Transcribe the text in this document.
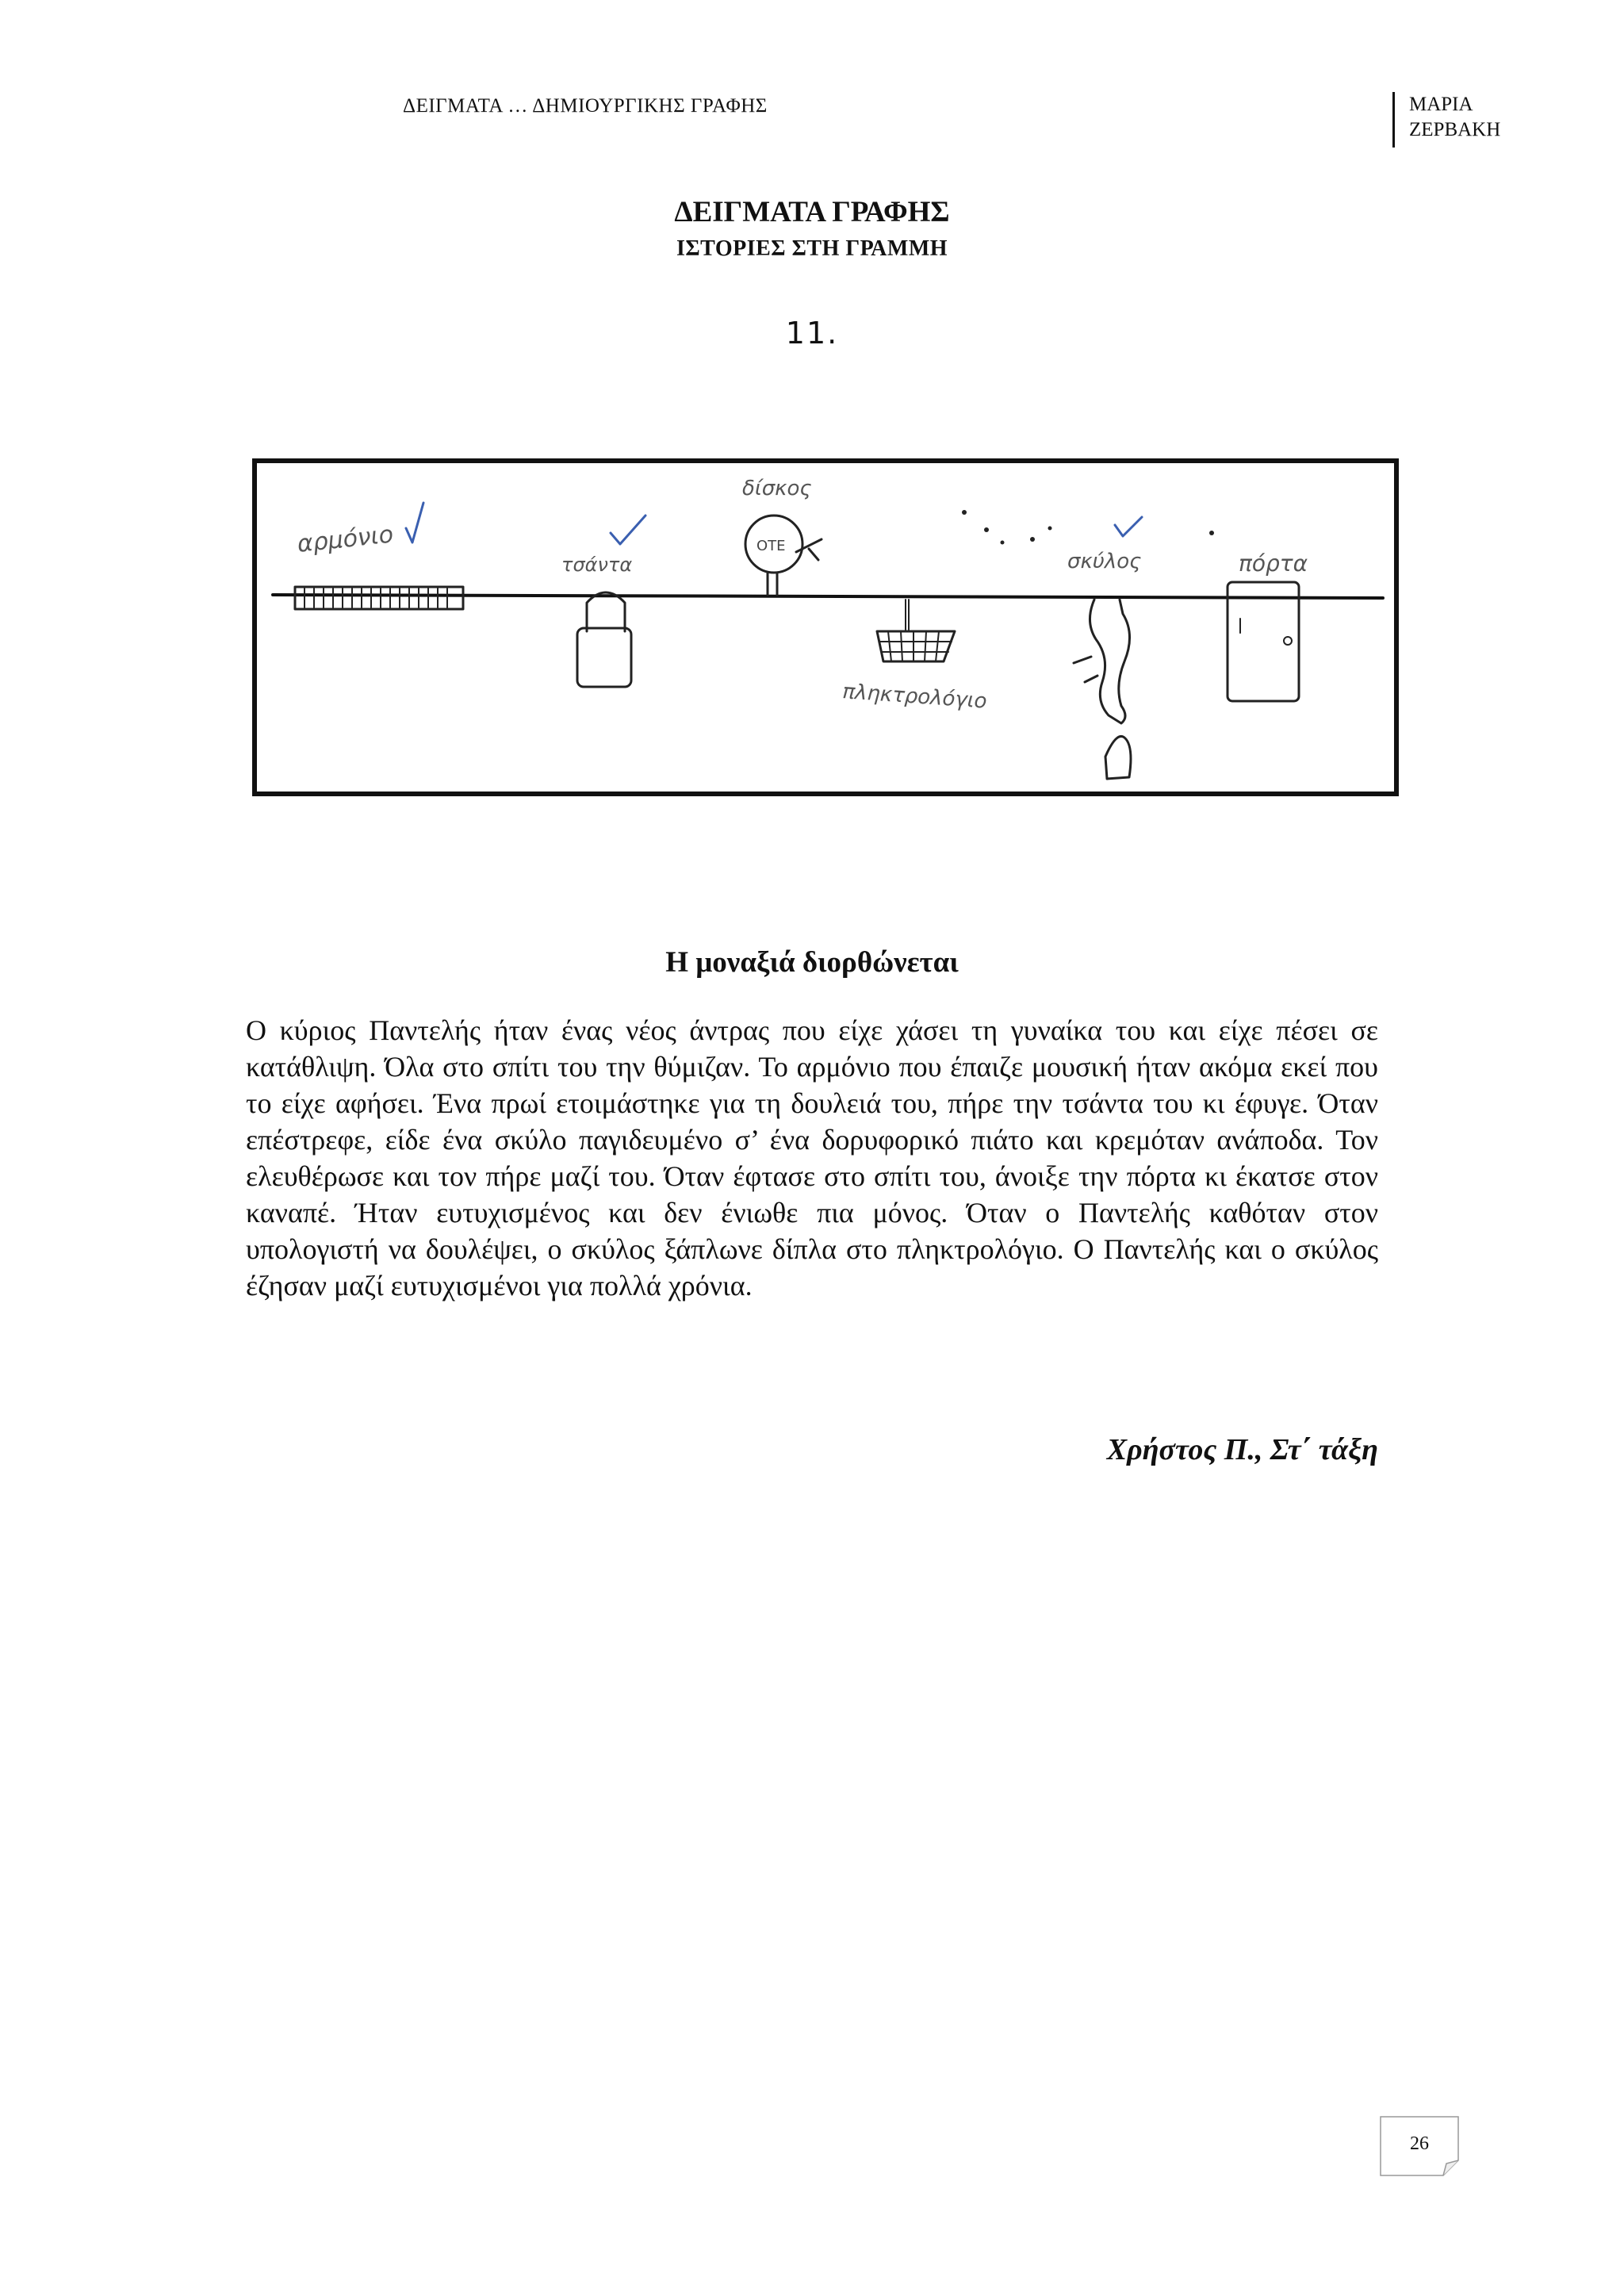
ΔΕΙΓΜΑΤΑ … ΔΗΜΙΟΥΡΓΙΚΗΣ ΓΡΑΦΗΣ	ΜΑΡΙΑ
ΖΕΡΒΑΚΗ
ΔΕΙΓΜΑΤΑ ΓΡΑΦΗΣ
ΙΣΤΟΡΙΕΣ ΣΤΗ ΓΡΑΜΜΗ
11.
αρμόνιο
τσάντα
ΟΤΕ
δίσκος
πληκτρολόγιο
σκύλος	πόρτα
Η μοναξιά διορθώνεται

Ο κύριος Παντελής ήταν ένας νέος άντρας που είχε χάσει τη γυναίκα του και είχε πέσει σε κατάθλιψη. Όλα στο σπίτι του την θύμιζαν. Το αρμόνιο που έπαιζε μουσική ήταν ακόμα εκεί που το είχε αφήσει. Ένα πρωί ετοιμάστηκε για τη δουλειά του, πήρε την τσάντα του κι έφυγε. Όταν επέστρεφε, είδε ένα σκύλο παγιδευμένο σ’ ένα δορυφορικό πιάτο και κρεμόταν ανάποδα. Τον ελευθέρωσε και τον πήρε μαζί του. Όταν έφτασε στο σπίτι του, άνοιξε την πόρτα κι έκατσε στον καναπέ. Ήταν ευτυχισμένος και δεν ένιωθε πια μόνος. Όταν ο Παντελής καθόταν στον υπολογιστή να δουλέψει, ο σκύλος ξάπλωνε δίπλα στο πληκτρολόγιο. Ο Παντελής και ο σκύλος έζησαν μαζί ευτυχισμένοι για πολλά χρόνια.

Χρήστος Π., Στ΄ τάξη
26
